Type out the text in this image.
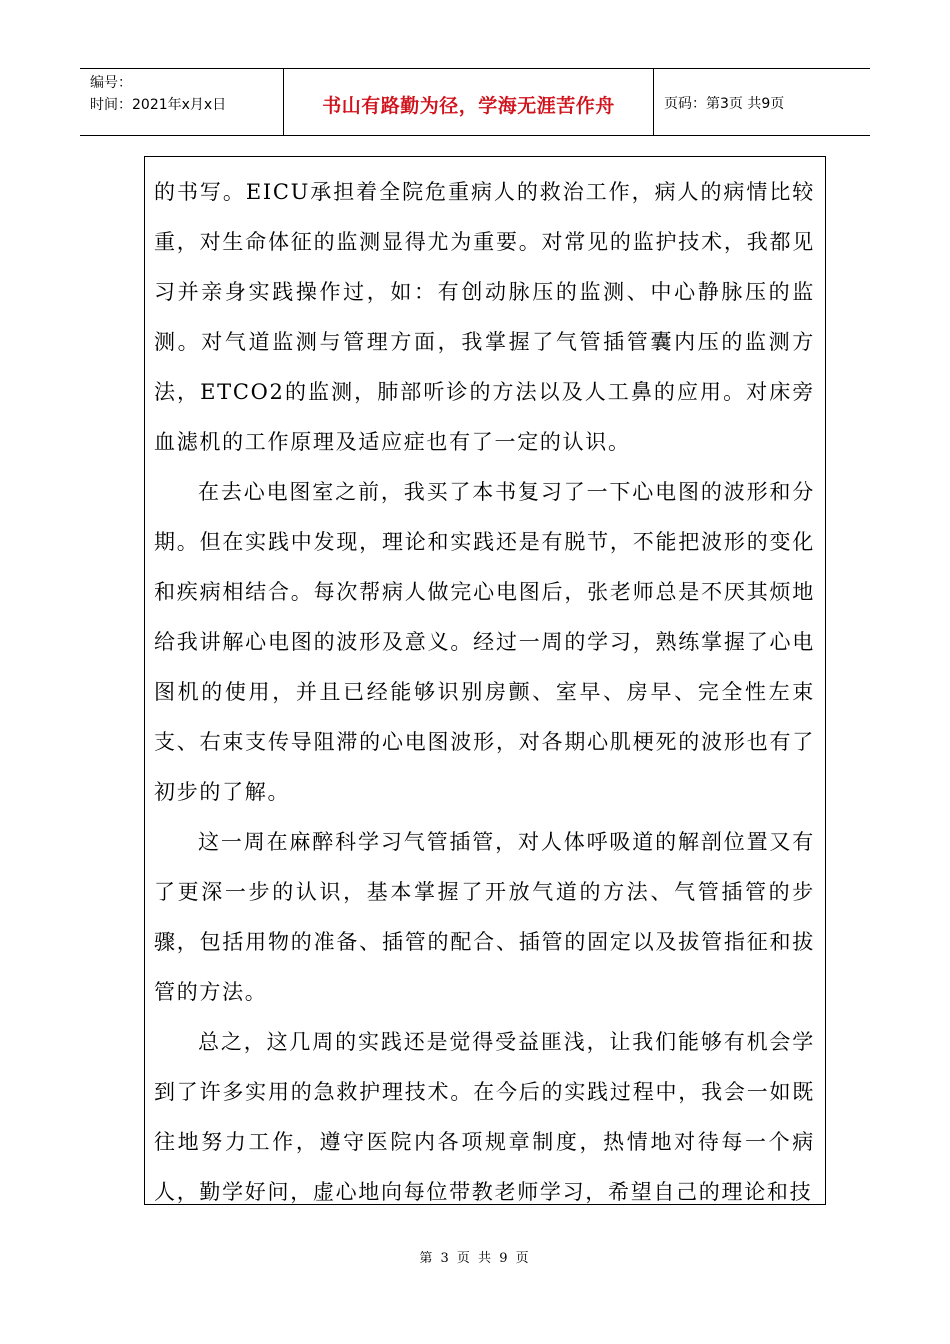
编号：
时间：2021年x月x日	书山有路勤为径，学海无涯苦作舟	页码：第3页 共9页

的书写。EICU承担着全院危重病人的救治工作，病人的病情比较重，对生命体征的监测显得尤为重要。对常见的监护技术，我都见习并亲身实践操作过，如：有创动脉压的监测、中心静脉压的监测。对气道监测与管理方面，我掌握了气管插管囊内压的监测方法，ETCO2的监测，肺部听诊的方法以及人工鼻的应用。对床旁血滤机的工作原理及适应症也有了一定的认识。

在去心电图室之前，我买了本书复习了一下心电图的波形和分期。但在实践中发现，理论和实践还是有脱节，不能把波形的变化和疾病相结合。每次帮病人做完心电图后，张老师总是不厌其烦地给我讲解心电图的波形及意义。经过一周的学习，熟练掌握了心电图机的使用，并且已经能够识别房颤、室早、房早、完全性左束支、右束支传导阻滞的心电图波形，对各期心肌梗死的波形也有了初步的了解。

这一周在麻醉科学习气管插管，对人体呼吸道的解剖位置又有了更深一步的认识，基本掌握了开放气道的方法、气管插管的步骤，包括用物的准备、插管的配合、插管的固定以及拔管指征和拔管的方法。

总之，这几周的实践还是觉得受益匪浅，让我们能够有机会学到了许多实用的急救护理技术。在今后的实践过程中，我会一如既往地努力工作，遵守医院内各项规章制度，热情地对待每一个病人，勤学好问，虚心地向每位带教老师学习，希望自己的理论和技

第 3 页 共 9 页
